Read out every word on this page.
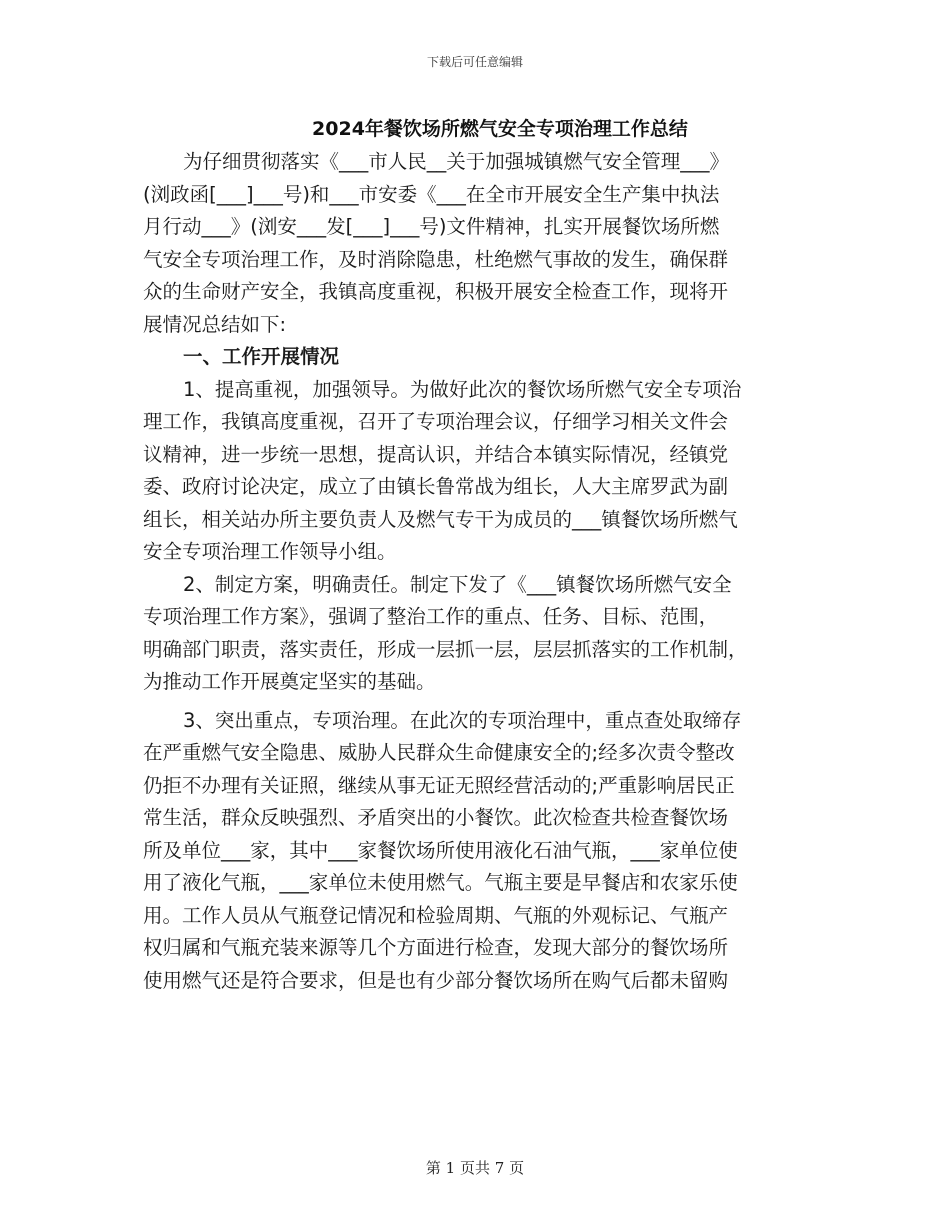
下载后可任意编辑
2024年餐饮场所燃气安全专项治理工作总结
为仔细贯彻落实《___市人民__关于加强城镇燃气安全管理___》
(浏政函[___]___号)和___市安委《___在全市开展安全生产集中执法
月行动___》(浏安___发[___]___号)文件精神，扎实开展餐饮场所燃
气安全专项治理工作，及时消除隐患，杜绝燃气事故的发生，确保群
众的生命财产安全，我镇高度重视，积极开展安全检查工作，现将开
展情况总结如下:
一、工作开展情况
1、提高重视，加强领导。为做好此次的餐饮场所燃气安全专项治
理工作，我镇高度重视，召开了专项治理会议，仔细学习相关文件会
议精神，进一步统一思想，提高认识，并结合本镇实际情况，经镇党
委、政府讨论决定，成立了由镇长鲁常战为组长，人大主席罗武为副
组长，相关站办所主要负责人及燃气专干为成员的___镇餐饮场所燃气
安全专项治理工作领导小组。
2、制定方案，明确责任。制定下发了《___镇餐饮场所燃气安全
专项治理工作方案》，强调了整治工作的重点、任务、目标、范围，
明确部门职责，落实责任，形成一层抓一层，层层抓落实的工作机制，
为推动工作开展奠定坚实的基础。
3、突出重点，专项治理。在此次的专项治理中，重点查处取缔存
在严重燃气安全隐患、威胁人民群众生命健康安全的;经多次责令整改
仍拒不办理有关证照，继续从事无证无照经营活动的;严重影响居民正
常生活，群众反映强烈、矛盾突出的小餐饮。此次检查共检查餐饮场
所及单位___家，其中___家餐饮场所使用液化石油气瓶，___家单位使
用了液化气瓶，___家单位未使用燃气。气瓶主要是早餐店和农家乐使
用。工作人员从气瓶登记情况和检验周期、气瓶的外观标记、气瓶产
权归属和气瓶充装来源等几个方面进行检查，发现大部分的餐饮场所
使用燃气还是符合要求，但是也有少部分餐饮场所在购气后都未留购
第 1 页共 7 页
